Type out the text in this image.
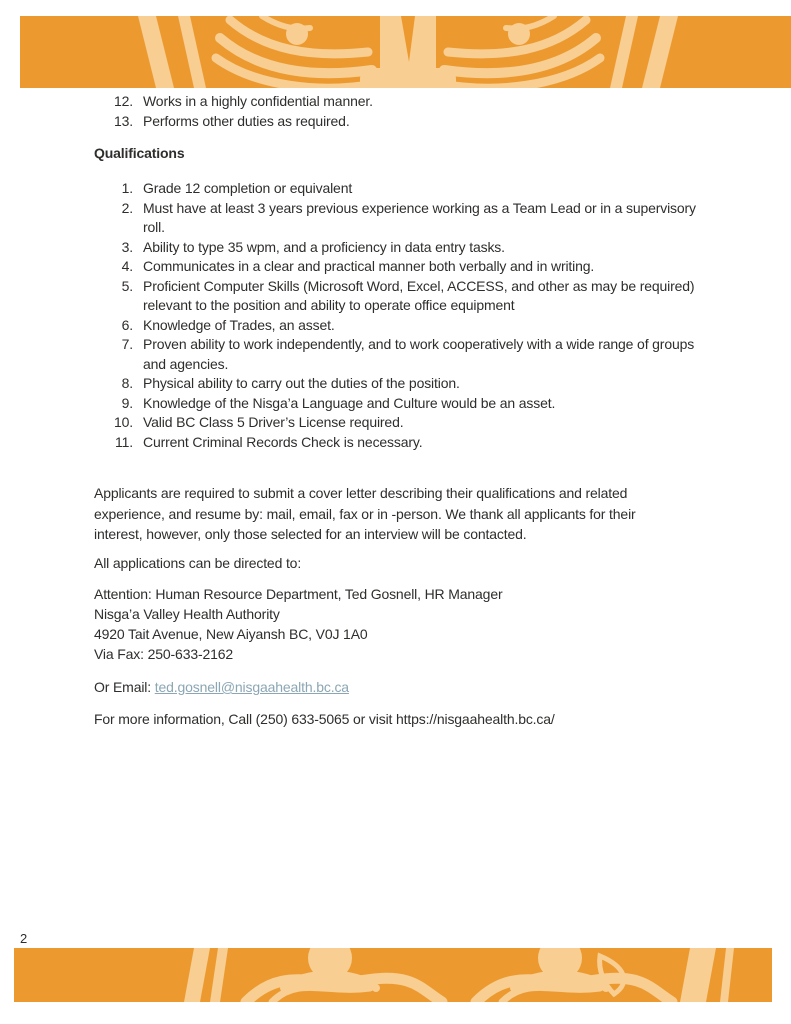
12. Works in a highly confidential manner.
13. Performs other duties as required.
Qualifications
1. Grade 12 completion or equivalent
2. Must have at least 3 years previous experience working as a Team Lead or in a supervisory
roll.
3. Ability to type 35 wpm, and a proficiency in data entry tasks.
4. Communicates in a clear and practical manner both verbally and in writing.
5. Proficient Computer Skills (Microsoft Word, Excel, ACCESS, and other as may be required)
relevant to the position and ability to operate office equipment
6. Knowledge of Trades, an asset.
7. Proven ability to work independently, and to work cooperatively with a wide range of groups
and agencies.
8. Physical ability to carry out the duties of the position.
9. Knowledge of the Nisga’a Language and Culture would be an asset.
10. Valid BC Class 5 Driver’s License required.
11. Current Criminal Records Check is necessary.
Applicants are required to submit a cover letter describing their qualifications and related
experience, and resume by: mail, email, fax or in -person. We thank all applicants for their
interest, however, only those selected for an interview will be contacted.
All applications can be directed to:
Attention: Human Resource Department, Ted Gosnell, HR Manager
Nisga’a Valley Health Authority
4920 Tait Avenue, New Aiyansh BC, V0J 1A0
Via Fax: 250-633-2162
Or Email: ted.gosnell@nisgaahealth.bc.ca
For more information, Call (250) 633-5065 or visit https://nisgaahealth.bc.ca/
2
